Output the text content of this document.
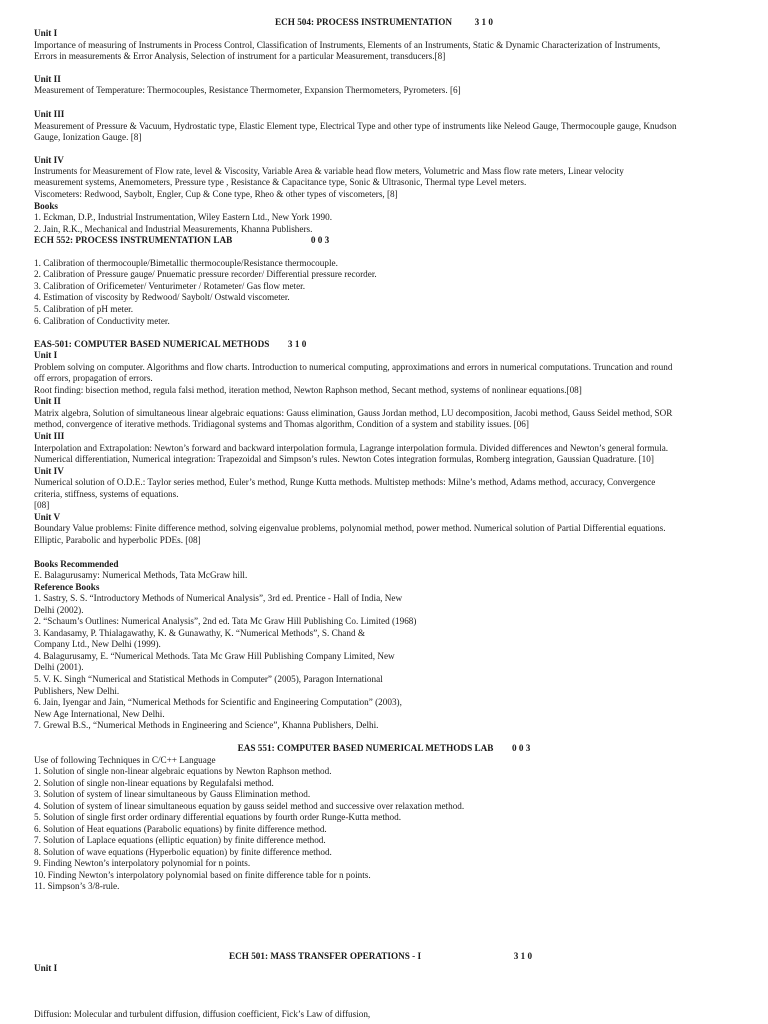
ECH 504: PROCESS INSTRUMENTATION 3 1 0
Unit I
Importance of measuring of Instruments in Process Control, Classification of Instruments, Elements of an Instruments, Static & Dynamic Characterization of Instruments,
Errors in measurements & Error Analysis, Selection of instrument for a particular Measurement, transducers.[8]
Unit II
Measurement of Temperature: Thermocouples, Resistance Thermometer, Expansion Thermometers, Pyrometers. [6]
Unit III
Measurement of Pressure & Vacuum, Hydrostatic type, Elastic Element type, Electrical Type and other type of instruments like Neleod Gauge, Thermocouple gauge, Knudson
Gauge, Ionization Gauge. [8]
Unit IV
Instruments for Measurement of Flow rate, level & Viscosity, Variable Area & variable head flow meters, Volumetric and Mass flow rate meters, Linear velocity
measurement systems, Anemometers, Pressure type , Resistance & Capacitance type, Sonic & Ultrasonic, Thermal type Level meters.
Viscometers: Redwood, Saybolt, Engler, Cup & Cone type, Rheo & other types of viscometers, [8]
Books
1. Eckman, D.P., Industrial Instrumentation, Wiley Eastern Ltd., New York 1990.
2. Jain, R.K., Mechanical and Industrial Measurements, Khanna Publishers.
ECH 552: PROCESS INSTRUMENTATION LAB	0 0 3
1. Calibration of thermocouple/Bimetallic thermocouple/Resistance thermocouple.
2. Calibration of Pressure gauge/ Pnuematic pressure recorder/ Differential pressure recorder.
3. Calibration of Orificemeter/ Venturimeter / Rotameter/ Gas flow meter.
4. Estimation of viscosity by Redwood/ Saybolt/ Ostwald viscometer.
5. Calibration of pH meter.
6. Calibration of Conductivity meter.
EAS-501: COMPUTER BASED NUMERICAL METHODS 3 1 0
Unit I
Problem solving on computer. Algorithms and flow charts. Introduction to numerical computing, approximations and errors in numerical computations. Truncation and round
off errors, propagation of errors.
Root finding: bisection method, regula falsi method, iteration method, Newton Raphson method, Secant method, systems of nonlinear equations.[08]
Unit II
Matrix algebra, Solution of simultaneous linear algebraic equations: Gauss elimination, Gauss Jordan method, LU decomposition, Jacobi method, Gauss Seidel method, SOR
method, convergence of iterative methods. Tridiagonal systems and Thomas algorithm, Condition of a system and stability issues. [06]
Unit III
Interpolation and Extrapolation: Newton’s forward and backward interpolation formula, Lagrange interpolation formula. Divided differences and Newton’s general formula.
Numerical differentiation, Numerical integration: Trapezoidal and Simpson’s rules. Newton Cotes integration formulas, Romberg integration, Gaussian Quadrature. [10]
Unit IV
Numerical solution of O.D.E.: Taylor series method, Euler’s method, Runge Kutta methods. Multistep methods: Milne’s method, Adams method, accuracy, Convergence
criteria, stiffness, systems of equations.
[08]
Unit V
Boundary Value problems: Finite difference method, solving eigenvalue problems, polynomial method, power method. Numerical solution of Partial Differential equations.
Elliptic, Parabolic and hyperbolic PDEs. [08]
Books Recommended
E. Balagurusamy: Numerical Methods, Tata McGraw hill.
Reference Books
1. Sastry, S. S. “Introductory Methods of Numerical Analysis”, 3rd ed. Prentice - Hall of India, New
Delhi (2002).
2. “Schaum’s Outlines: Numerical Analysis”, 2nd ed. Tata Mc Graw Hill Publishing Co. Limited (1968)
3. Kandasamy, P. Thialagawathy, K. & Gunawathy, K. “Numerical Methods”, S. Chand &
Company Ltd., New Delhi (1999).
4. Balagurusamy, E. “Numerical Methods. Tata Mc Graw Hill Publishing Company Limited, New
Delhi (2001).
5. V. K. Singh “Numerical and Statistical Methods in Computer” (2005), Paragon International
Publishers, New Delhi.
6. Jain, Iyengar and Jain, “Numerical Methods for Scientific and Engineering Computation” (2003),
New Age International, New Delhi.
7. Grewal B.S., “Numerical Methods in Engineering and Science”, Khanna Publishers, Delhi.
EAS 551: COMPUTER BASED NUMERICAL METHODS LAB 0 0 3
Use of following Techniques in C/C++ Language
1. Solution of single non-linear algebraic equations by Newton Raphson method.
2. Solution of single non-linear equations by Regulafalsi method.
3. Solution of system of linear simultaneous by Gauss Elimination method.
4. Solution of system of linear simultaneous equation by gauss seidel method and successive over relaxation method.
5. Solution of single first order ordinary differential equations by fourth order Runge-Kutta method.
6. Solution of Heat equations (Parabolic equations) by finite difference method.
7. Solution of Laplace equations (elliptic equation) by finite difference method.
8. Solution of wave equations (Hyperbolic equation) by finite difference method.
9. Finding Newton’s interpolatory polynomial for n points.
10. Finding Newton’s interpolatory polynomial based on finite difference table for n points.
11. Simpson’s 3/8-rule.
ECH 501: MASS TRANSFER OPERATIONS - I	3 1 0
Unit I
Diffusion: Molecular and turbulent diffusion, diffusion coefficient, Fick’s Law of diffusion,
